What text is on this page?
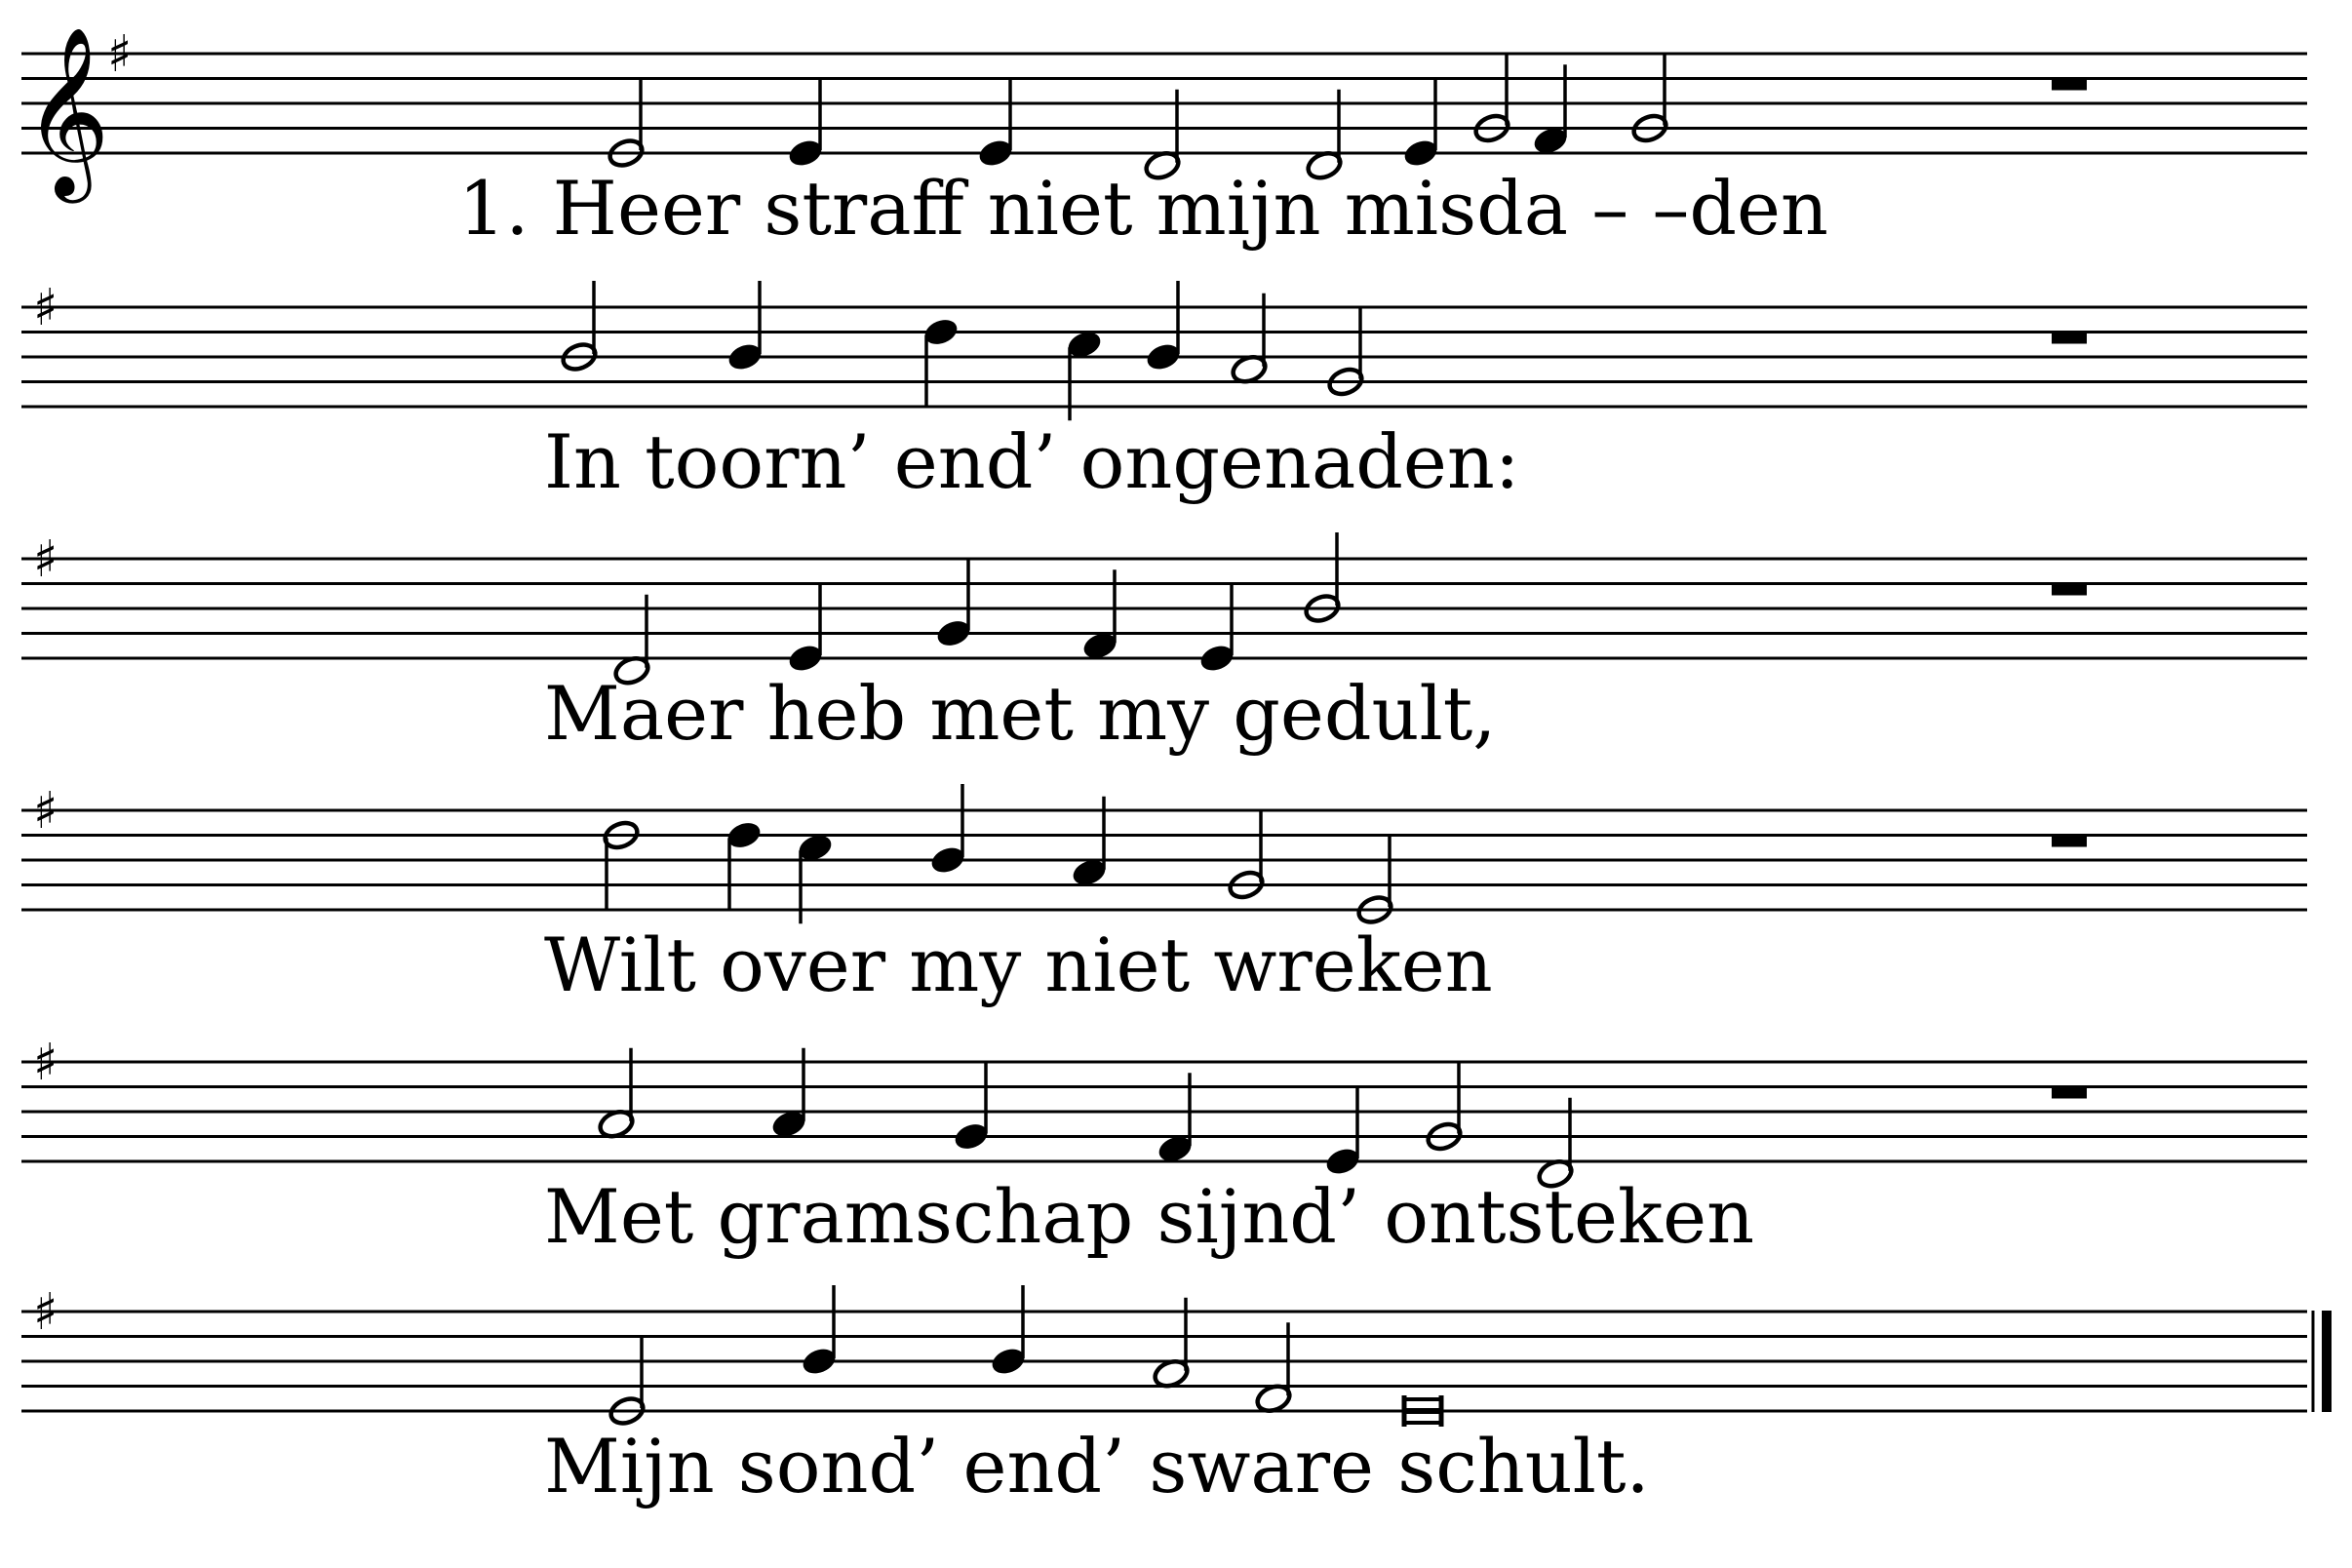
𝄞
♯
1. Heer straff niet mijn misda – –den
♯
In toorn’ end’ ongenaden:
♯
Maer heb met my gedult,
♯
Wilt over my niet wreken
♯
Met gramschap sijnd’ ontsteken
♯
Mijn sond’ end’ sware schult.
